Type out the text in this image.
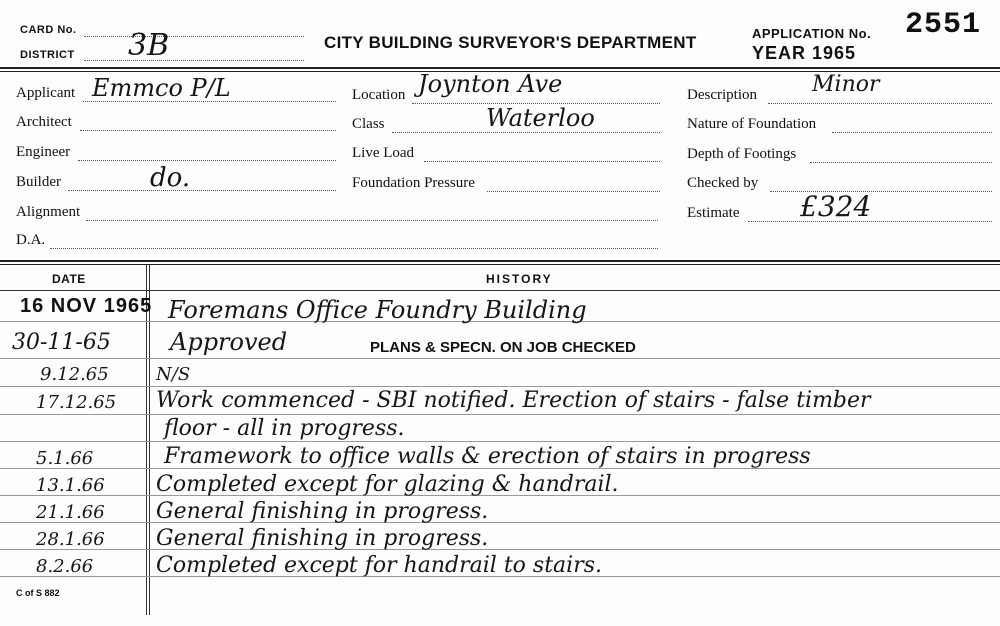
CARD No.
DISTRICT 3B	CITY BUILDING SURVEYOR'S DEPARTMENT	APPLICATION No. 2551
YEAR 1965
Applicant Emmco P/L
Architect
Engineer
Builder	do.
Alignment
D.A.
Location Joynton Ave
Class	Waterloo
Live Load
Foundation Pressure
Description	Minor
Nature of Foundation
Depth of Footings
Checked by
Estimate £324
DATE	HISTORY
16 NOV 1965 Foremans Office Foundry Building
30-11-65 Approved	PLANS & SPECN. ON JOB CHECKED
9.12.65	N/S
17.12.65 Work commenced - SBI notified. Erection of stairs - false timber
floor - all in progress.
5.1.66	Framework to office walls & erection of stairs in progress
13.1.66 Completed except for glazing & handrail.
21.1.66 General finishing in progress.
28.1.66 General finishing in progress.
8.2.66	Completed except for handrail to stairs.
C of S 882
